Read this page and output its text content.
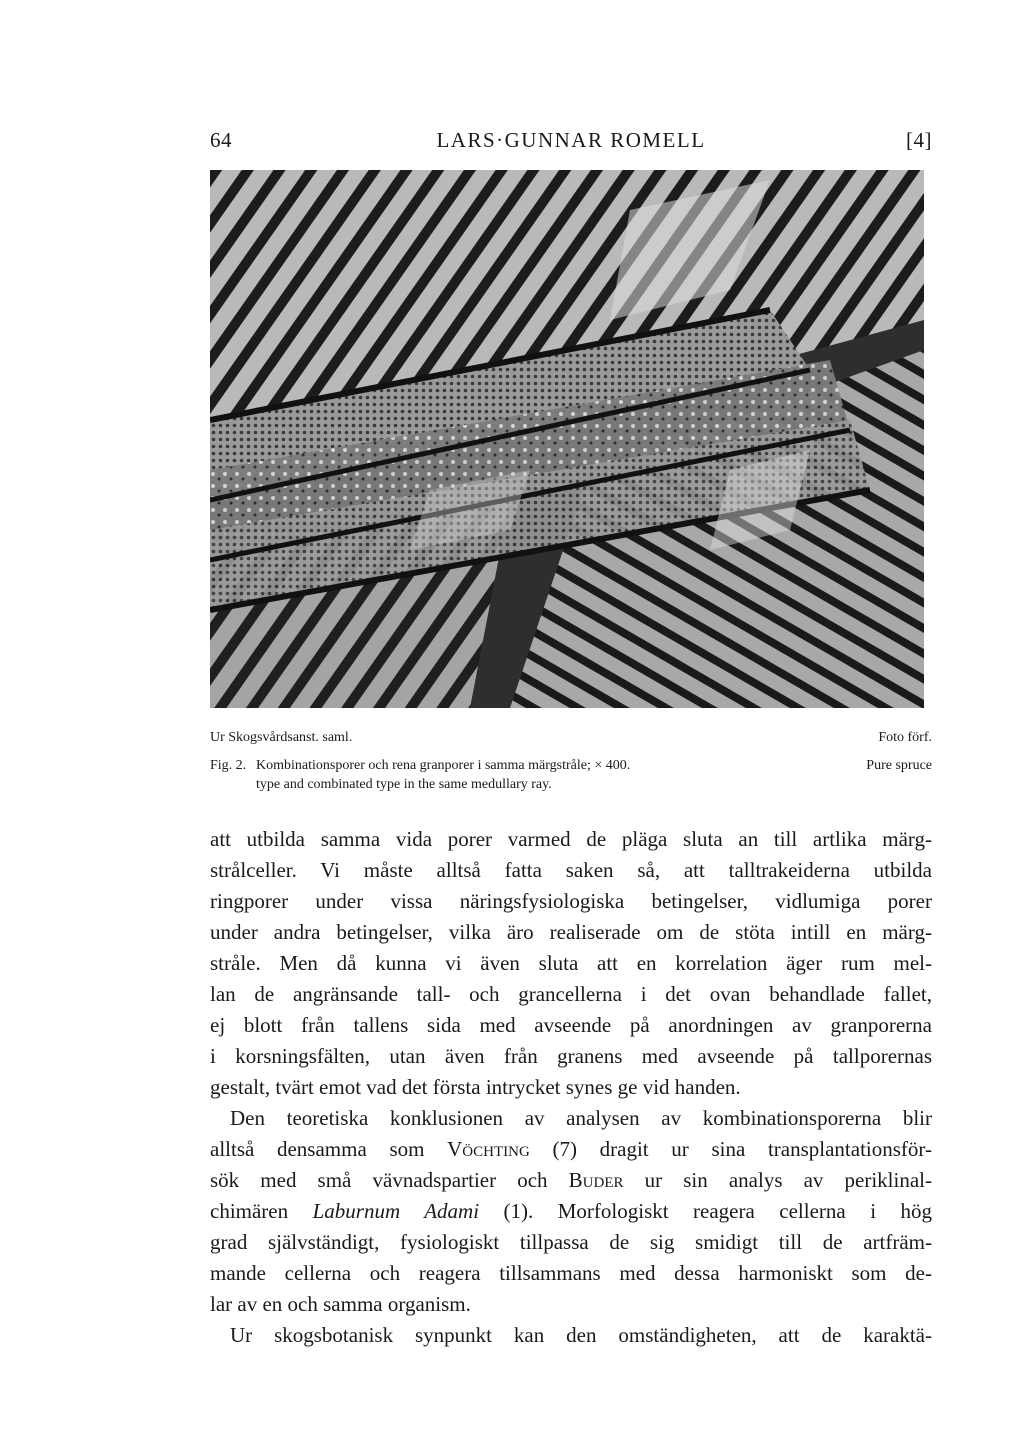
64	LARS·GUNNAR ROMELL	[4]
Ur Skogsvårdsanst. saml.	Foto förf.
Fig. 2. Kombinationsporer och rena granporer i samma märgstråle; × 400.	Pure spruce
type and combinated type in the same medullary ray.
att utbilda samma vida porer varmed de pläga sluta an till artlika märg-
strålceller. Vi måste alltså fatta saken så, att talltrakeiderna utbilda
ringporer under vissa näringsfysiologiska betingelser, vidlumiga porer
under andra betingelser, vilka äro realiserade om de stöta intill en märg-
stråle. Men då kunna vi även sluta att en korrelation äger rum mel-
lan de angränsande tall- och grancellerna i det ovan behandlade fallet,
ej blott från tallens sida med avseende på anordningen av granporerna
i korsningsfälten, utan även från granens med avseende på tallporernas
gestalt, tvärt emot vad det första intrycket synes ge vid handen.
Den teoretiska konklusionen av analysen av kombinationsporerna blir
alltså densamma som Vöchting (7) dragit ur sina transplantationsför-
sök med små vävnadspartier och Buder ur sin analys av periklinal-
chimären Laburnum Adami (1). Morfologiskt reagera cellerna i hög
grad självständigt, fysiologiskt tillpassa de sig smidigt till de artfräm-
mande cellerna och reagera tillsammans med dessa harmoniskt som de-
lar av en och samma organism.
Ur skogsbotanisk synpunkt kan den omständigheten, att de karaktä-
